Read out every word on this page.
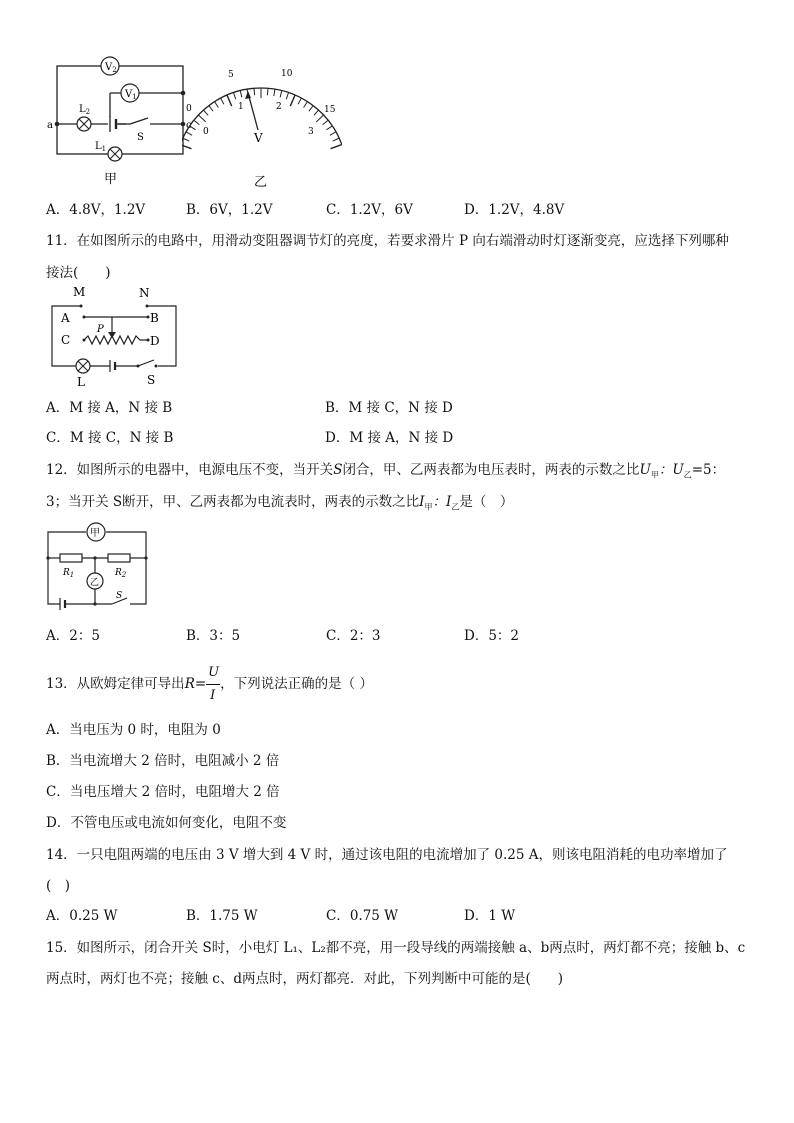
$V_2$
$V_1$
$L_2$
$L_1$
S
a	c
甲
0
5	10
15
0
1	2
3
V
乙
A．4.8V，1.2V	B．6V，1.2V	C．1.2V，6V	D．1.2V，4.8V
11．在如图所示的电路中，用滑动变阻器调节灯的亮度，若要求滑片 P 向右端滑动时灯逐渐变亮，应选择下列哪种
接法(　　)
M	N
A	B
C	D
P
L	S
A．M 接 A，N 接 B	B．M 接 C，N 接 D
C．M 接 C，N 接 B	D．M 接 A，N 接 D
12．如图所示的电器中，电源电压不变，当开关S闭合，甲、乙两表都为电压表时，两表的示数之比$U_甲$：$U_乙=5$：
3；当开关 S断开，甲、乙两表都为电流表时，两表的示数之比$I_甲$：$I_乙$是（　）
甲
乙
$R_1$	$R_2$
S
A．2：5	B．3：5	C．2：3	D．5：2
13．从欧姆定律可导出$R= \frac{U}{I}$ ，下列说法正确的是（ ）
A．当电压为 0 时，电阻为 0
B．当电流增大 2 倍时，电阻减小 2 倍
C．当电压增大 2 倍时，电阻增大 2 倍
D．不管电压或电流如何变化，电阻不变
14．一只电阻两端的电压由 3 V 增大到 4 V 时，通过该电阻的电流增加了 0.25 A，则该电阻消耗的电功率增加了
(　)
A．0.25 W	B．1.75 W	C．0.75 W	D．1 W
15．如图所示，闭合开关 S时，小电灯 L₁、L₂都不亮，用一段导线的两端接触 a、b两点时，两灯都不亮；接触 b、c
两点时，两灯也不亮；接触 c、d两点时，两灯都亮．对此，下列判断中可能的是(　　)
